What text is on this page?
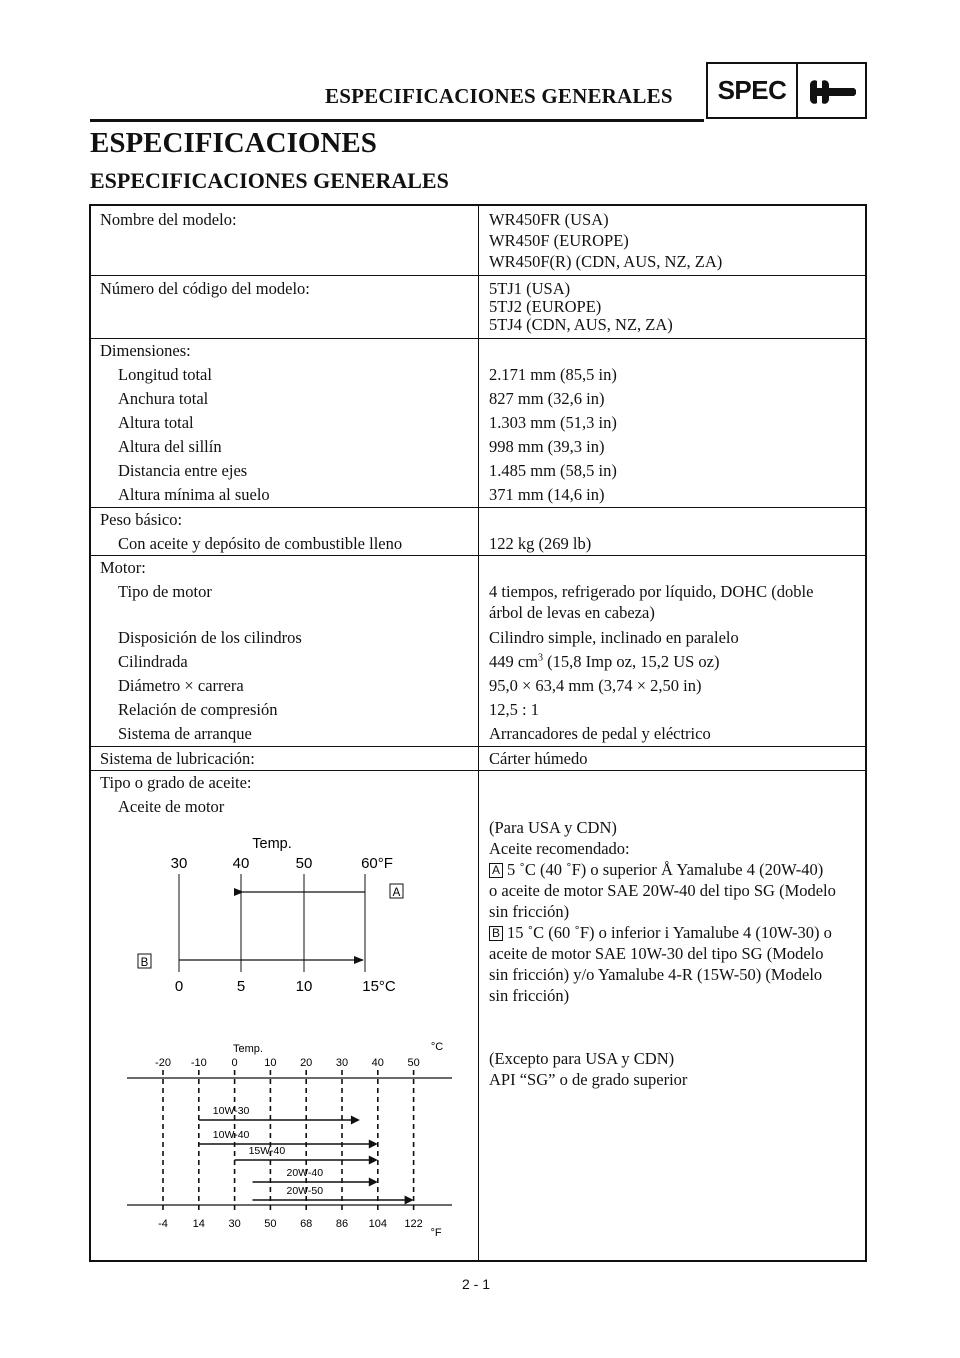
ESPECIFICACIONES GENERALES	SPEC
ESPECIFICACIONES
ESPECIFICACIONES GENERALES
Nombre del modelo:	WR450FR (USA)
WR450F (EUROPE)
WR450F(R) (CDN, AUS, NZ, ZA)
Número del código del modelo:	5TJ1 (USA)
5TJ2 (EUROPE)
5TJ4 (CDN, AUS, NZ, ZA)
Dimensiones:
Longitud total	2.171 mm (85,5 in)
Anchura total	827 mm (32,6 in)
Altura total	1.303 mm (51,3 in)
Altura del sillín	998 mm (39,3 in)
Distancia entre ejes	1.485 mm (58,5 in)
Altura mínima al suelo	371 mm (14,6 in)
Peso básico:
Con aceite y depósito de combustible lleno	122 kg (269 lb)
Motor:
Tipo de motor	4 tiempos, refrigerado por líquido, DOHC (doble
árbol de levas en cabeza)
Disposición de los cilindros	Cilindro simple, inclinado en paralelo
Cilindrada	449 $cm^3$ (15,8 Imp oz, 15,2 US oz)
Diámetro × carrera	95,0 × 63,4 mm (3,74 × 2,50 in)
Relación de compresión	12,5 : 1
Sistema de arranque	Arrancadores de pedal y eléctrico
Sistema de lubricación:	Cárter húmedo
Tipo o grado de aceite:
Aceite de motor
(Para USA y CDN)
Aceite recomendado:
A 5 ˚C (40 ˚F) o superior Å Yamalube 4 (20W-40)
o aceite de motor SAE 20W-40 del tipo SG (Modelo
sin fricción)
B 15 ˚C (60 ˚F) o inferior i Yamalube 4 (10W-30) o
aceite de motor SAE 10W-30 del tipo SG (Modelo
sin fricción) y/o Yamalube 4-R (15W-50) (Modelo
sin fricción)
(Excepto para USA y CDN)
API “SG” o de grado superior
Temp.
30	40	50	60°F
A
B
0	5	10	15°C
Temp.	°C
°F
-20
-4
-10
14
0
30
10
50
20
68
30
86
40
104
50
122
10W-30
10W-40
15W-40
20W-40
20W-50
2 - 1
